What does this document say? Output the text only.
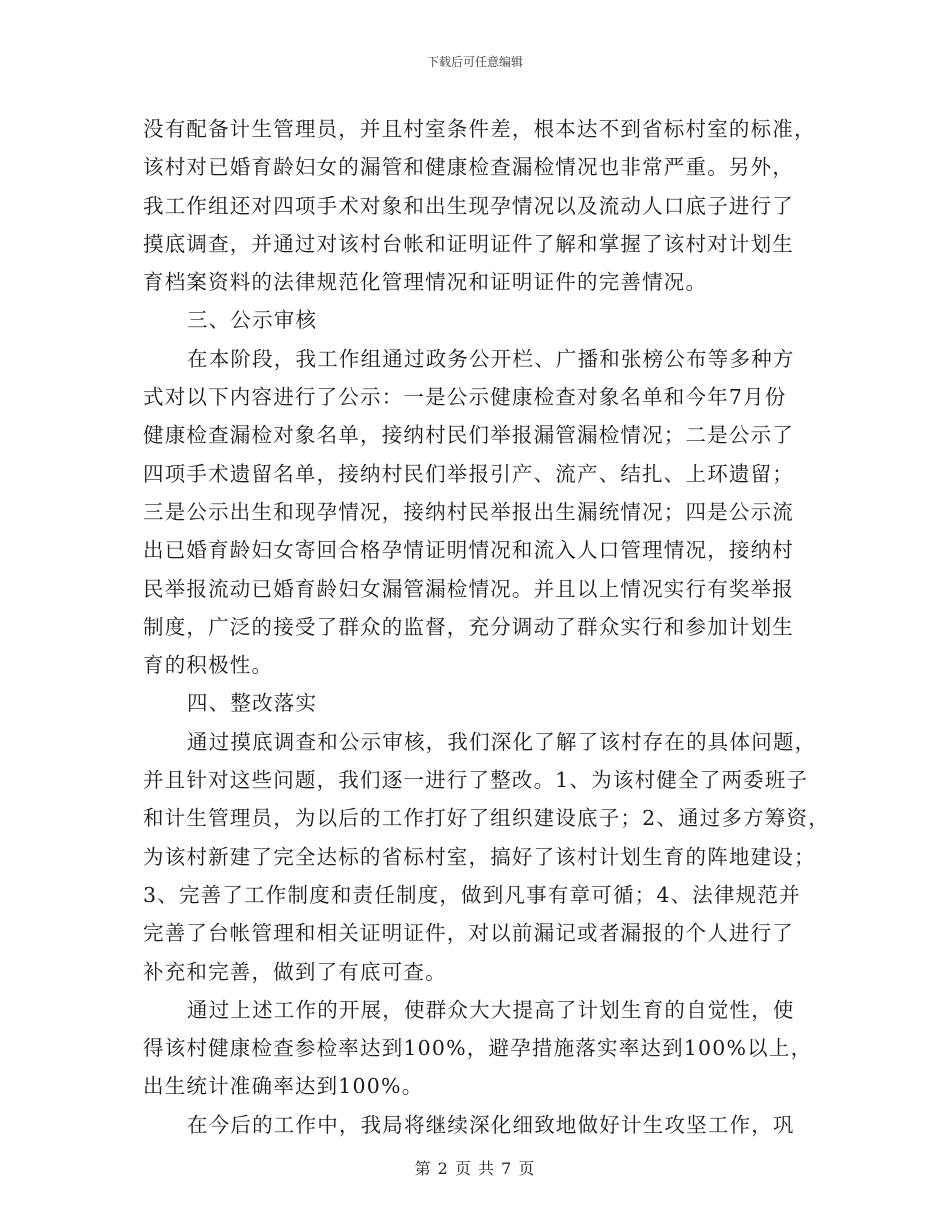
下载后可任意编辑

没有配备计生管理员，并且村室条件差，根本达不到省标村室的标准，
该村对已婚育龄妇女的漏管和健康检查漏检情况也非常严重。另外，
我工作组还对四项手术对象和出生现孕情况以及流动人口底子进行了
摸底调查，并通过对该村台帐和证明证件了解和掌握了该村对计划生
育档案资料的法律规范化管理情况和证明证件的完善情况。

三、公示审核

在本阶段，我工作组通过政务公开栏、广播和张榜公布等多种方
式对以下内容进行了公示：一是公示健康检查对象名单和今年7月份
健康检查漏检对象名单，接纳村民们举报漏管漏检情况；二是公示了
四项手术遗留名单，接纳村民们举报引产、流产、结扎、上环遗留；
三是公示出生和现孕情况，接纳村民举报出生漏统情况；四是公示流
出已婚育龄妇女寄回合格孕情证明情况和流入人口管理情况，接纳村
民举报流动已婚育龄妇女漏管漏检情况。并且以上情况实行有奖举报
制度，广泛的接受了群众的监督，充分调动了群众实行和参加计划生
育的积极性。

四、整改落实

通过摸底调查和公示审核，我们深化了解了该村存在的具体问题，
并且针对这些问题，我们逐一进行了整改。1、为该村健全了两委班子
和计生管理员，为以后的工作打好了组织建设底子；2、通过多方筹资，
为该村新建了完全达标的省标村室，搞好了该村计划生育的阵地建设；
3、完善了工作制度和责任制度，做到凡事有章可循；4、法律规范并
完善了台帐管理和相关证明证件，对以前漏记或者漏报的个人进行了
补充和完善，做到了有底可查。

通过上述工作的开展，使群众大大提高了计划生育的自觉性，使
得该村健康检查参检率达到100%，避孕措施落实率达到100%以上，
出生统计准确率达到100%。

在今后的工作中，我局将继续深化细致地做好计生攻坚工作，巩

第 2 页 共 7 页
